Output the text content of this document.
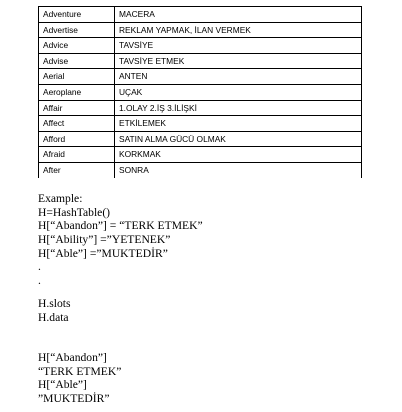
Adventure	MACERA
Advertise	REKLAM YAPMAK, İLAN VERMEK
Advice	TAVSİYE
Advise	TAVSİYE ETMEK
Aerial	ANTEN
Aeroplane	UÇAK
Affair	1.OLAY 2.İŞ 3.İLİŞKİ
Affect	ETKİLEMEK
Afford	SATIN ALMA GÜCÜ OLMAK
Afraid	KORKMAK
After	SONRA
Example:
H=HashTable()
H[“Abandon”] = “TERK ETMEK”
H[“Ability”] =”YETENEK”
H[“Able”] =”MUKTEDİR”
.
.
H.slots
H.data
H[“Abandon”]
“TERK ETMEK”
H[“Able”]
”MUKTEDİR”
